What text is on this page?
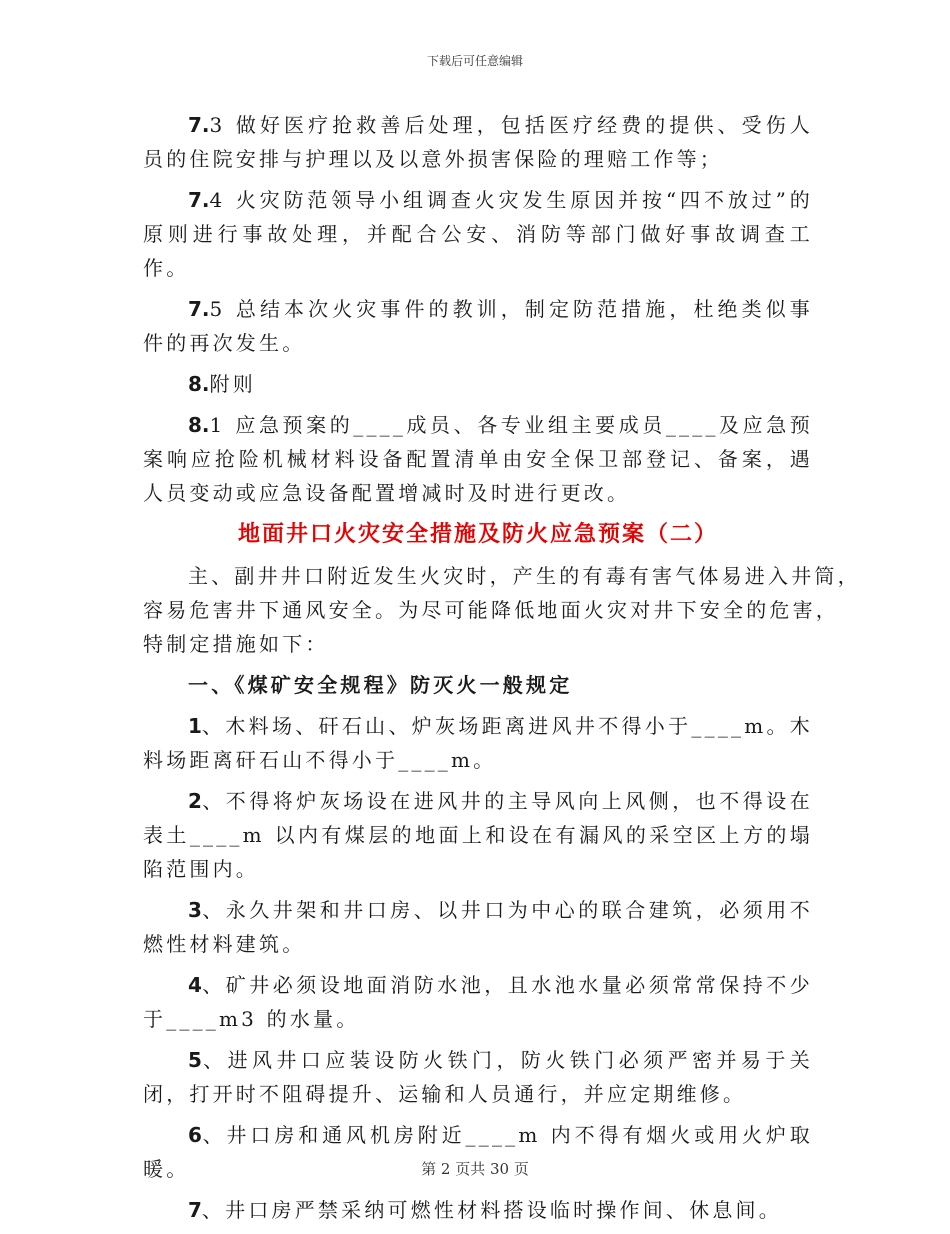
下载后可任意编辑

7.3 做好医疗抢救善后处理，包括医疗经费的提供、受伤人员的住院安排与护理以及以意外损害保险的理赔工作等；

7.4 火灾防范领导小组调查火灾发生原因并按“四不放过”的原则进行事故处理，并配合公安、消防等部门做好事故调查工作。

7.5 总结本次火灾事件的教训，制定防范措施，杜绝类似事件的再次发生。

8.附则

8.1 应急预案的____成员、各专业组主要成员____及应急预案响应抢险机械材料设备配置清单由安全保卫部登记、备案，遇人员变动或应急设备配置增减时及时进行更改。

地面井口火灾安全措施及防火应急预案（二）

主、副井井口附近发生火灾时，产生的有毒有害气体易进入井筒，
容易危害井下通风安全。为尽可能降低地面火灾对井下安全的危害，
特制定措施如下：

一、《煤矿安全规程》防灭火一般规定

1、木料场、矸石山、炉灰场距离进风井不得小于____m。木料场距离矸石山不得小于____m。

2、不得将炉灰场设在进风井的主导风向上风侧，也不得设在表土____m 以内有煤层的地面上和设在有漏风的采空区上方的塌陷范围内。

3、永久井架和井口房、以井口为中心的联合建筑，必须用不燃性材料建筑。

4、矿井必须设地面消防水池，且水池水量必须常常保持不少于____m3 的水量。

5、进风井口应装设防火铁门，防火铁门必须严密并易于关闭，打开时不阻碍提升、运输和人员通行，并应定期维修。

6、井口房和通风机房附近____m 内不得有烟火或用火炉取暖。

7、井口房严禁采纳可燃性材料搭设临时操作间、休息间。

第 2 页共 30 页
